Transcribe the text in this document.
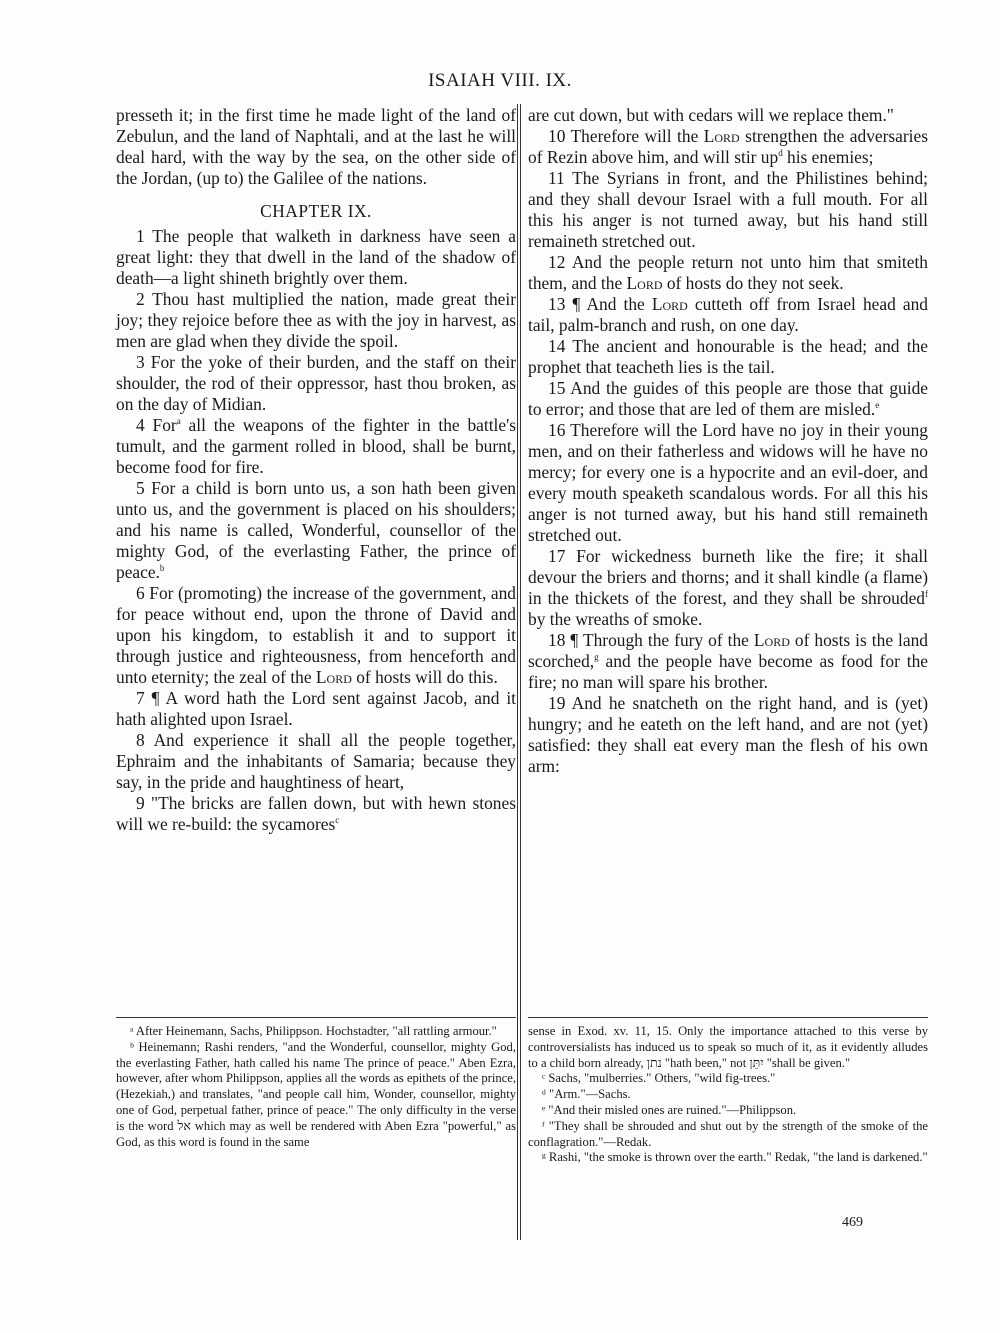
ISAIAH VIII. IX.

presseth it; in the first time he made light of the land of Zebulun, and the land of Naphtali, and at the last he will deal hard, with the way by the sea, on the other side of the Jordan, (up to) the Galilee of the nations.

CHAPTER IX.

1 The people that walketh in darkness have seen a great light: they that dwell in the land of the shadow of death—a light shineth brightly over them.

2 Thou hast multiplied the nation, made great their joy; they rejoice before thee as with the joy in harvest, as men are glad when they divide the spoil.

3 For the yoke of their burden, and the staff on their shoulder, the rod of their oppressor, hast thou broken, as on the day of Midian.

4 For$^a$ all the weapons of the fighter in the battle's tumult, and the garment rolled in blood, shall be burnt, become food for fire.

5 For a child is born unto us, a son hath been given unto us, and the government is placed on his shoulders; and his name is called, Wonderful, counsellor of the mighty God, of the everlasting Father, the prince of peace.$^b$

6 For (promoting) the increase of the government, and for peace without end, upon the throne of David and upon his kingdom, to establish it and to support it through justice and righteousness, from henceforth and unto eternity; the zeal of the Lord of hosts will do this.

7 ¶ A word hath the Lord sent against Jacob, and it hath alighted upon Israel.

8 And experience it shall all the people together, Ephraim and the inhabitants of Samaria; because they say, in the pride and haughtiness of heart,

9 "The bricks are fallen down, but with hewn stones will we re-build: the sycamores$^c$

are cut down, but with cedars will we replace them."

10 Therefore will the Lord strengthen the adversaries of Rezin above him, and will stir $up^d$ his enemies;

11 The Syrians in front, and the Philistines behind; and they shall devour Israel with a full mouth. For all this his anger is not turned away, but his hand still remaineth stretched out.

12 And the people return not unto him that smiteth them, and the Lord of hosts do they not seek.

13 ¶ And the Lord cutteth off from Israel head and tail, palm-branch and rush, on one day.

14 The ancient and honourable is the head; and the prophet that teacheth lies is the tail.

15 And the guides of this people are those that guide to error; and those that are led of them are misled.$^e$

16 Therefore will the Lord have no joy in their young men, and on their fatherless and widows will he have no mercy; for every one is a hypocrite and an evil-doer, and every mouth speaketh scandalous words. For all this his anger is not turned away, but his hand still remaineth stretched out.

17 For wickedness burneth like the fire; it shall devour the briers and thorns; and it shall kindle (a flame) in the thickets of the forest, and they shall be shrouded$^f$ by the wreaths of smoke.

18 ¶ Through the fury of the Lord of hosts is the land scorched,$^g$ and the people have become as food for the fire; no man will spare his brother.

19 And he snatcheth on the right hand, and is (yet) hungry; and he eateth on the left hand, and are not (yet) satisfied: they shall eat every man the flesh of his own arm:

ᵃ After Heinemann, Sachs, Philippson. Hochstadter, "all rattling armour."

ᵇ Heinemann; Rashi renders, "and the Wonderful, counsellor, mighty God, the everlasting Father, hath called his name The prince of peace." Aben Ezra, however, after whom Philippson, applies all the words as epithets of the prince, (Hezekiah,) and translates, "and people call him, Wonder, counsellor, mighty one of God, perpetual father, prince of peace." The only difficulty in the verse is the word אל which may as well be rendered with Aben Ezra "powerful," as God, as this word is found in the same

sense in Exod. xv. 11, 15. Only the importance attached to this verse by controversialists has induced us to speak so much of it, as it evidently alludes to a child born already, נתן "hath been," not יִתֵּן "shall be given."

ᶜ Sachs, "mulberries." Others, "wild fig-trees."

ᵈ "Arm."—Sachs.

ᵉ "And their misled ones are ruined."—Philippson.

ᶠ "They shall be shrouded and shut out by the strength of the smoke of the conflagration."—Redak.

ᵍ Rashi, "the smoke is thrown over the earth." Redak, "the land is darkened."

469
